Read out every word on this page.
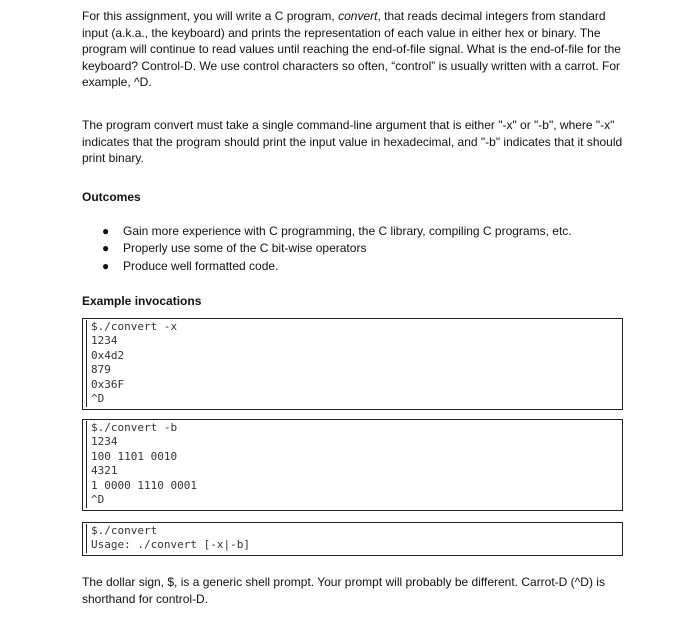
For this assignment, you will write a C program, convert, that reads decimal integers from standard input (a.k.a., the keyboard) and prints the representation of each value in either hex or binary. The program will continue to read values until reaching the end-of-file signal. What is the end-of-file for the keyboard? Control-D. We use control characters so often, “control” is usually written with a carrot. For example, ^D.

The program convert must take a single command-line argument that is either "-x" or "-b", where "-x" indicates that the program should print the input value in hexadecimal, and "-b" indicates that it should print binary.

Outcomes
● Gain more experience with C programming, the C library, compiling C programs, etc.
● Properly use some of the C bit-wise operators
● Produce well formatted code.
Example invocations
$./convert -x
1234
0x4d2
879
0x36F
^D
$./convert -b
1234
100 1101 0010
4321
1 0000 1110 0001
^D
$./convert
Usage: ./convert [-x|-b]

The dollar sign, $, is a generic shell prompt. Your prompt will probably be different. Carrot-D (^D) is shorthand for control-D.
